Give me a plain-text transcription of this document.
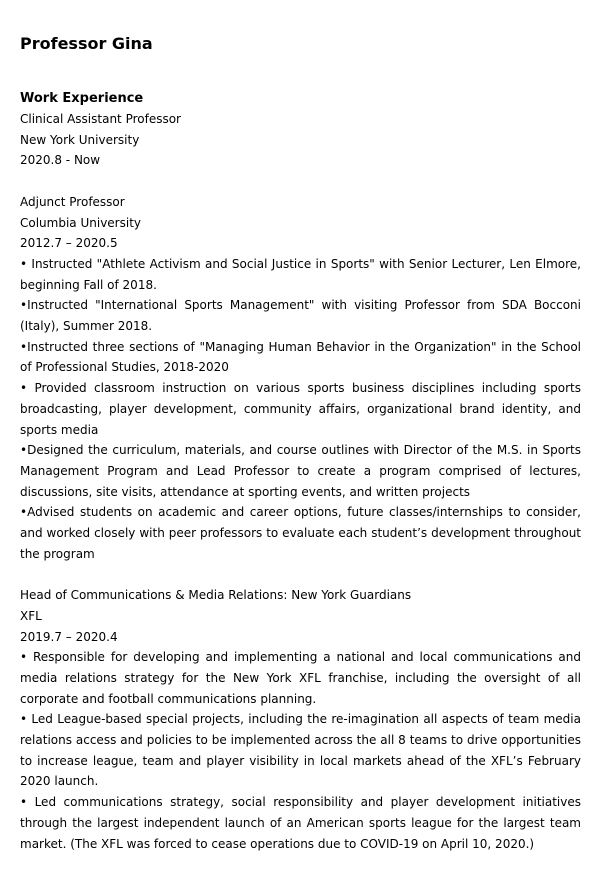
Professor Gina
Work Experience
Clinical Assistant Professor
New York University
2020.8 - Now
Adjunct Professor
Columbia University
2012.7 – 2020.5
• Instructed "Athlete Activism and Social Justice in Sports" with Senior Lecturer, Len Elmore, beginning Fall of 2018.
•Instructed "International Sports Management" with visiting Professor from SDA Bocconi (Italy), Summer 2018.
•Instructed three sections of "Managing Human Behavior in the Organization" in the School of Professional Studies, 2018-2020
• Provided classroom instruction on various sports business disciplines including sports broadcasting, player development, community affairs, organizational brand identity, and sports media
•Designed the curriculum, materials, and course outlines with Director of the M.S. in Sports Management Program and Lead Professor to create a program comprised of lectures, discussions, site visits, attendance at sporting events, and written projects
•Advised students on academic and career options, future classes/internships to consider, and worked closely with peer professors to evaluate each student’s development throughout the program
Head of Communications & Media Relations: New York Guardians
XFL
2019.7 – 2020.4
• Responsible for developing and implementing a national and local communications and media relations strategy for the New York XFL franchise, including the oversight of all corporate and football communications planning.
• Led League-based special projects, including the re-imagination all aspects of team media relations access and policies to be implemented across the all 8 teams to drive opportunities to increase league, team and player visibility in local markets ahead of the XFL’s February 2020 launch.
• Led communications strategy, social responsibility and player development initiatives through the largest independent launch of an American sports league for the largest team market. (The XFL was forced to cease operations due to COVID-19 on April 10, 2020.)
